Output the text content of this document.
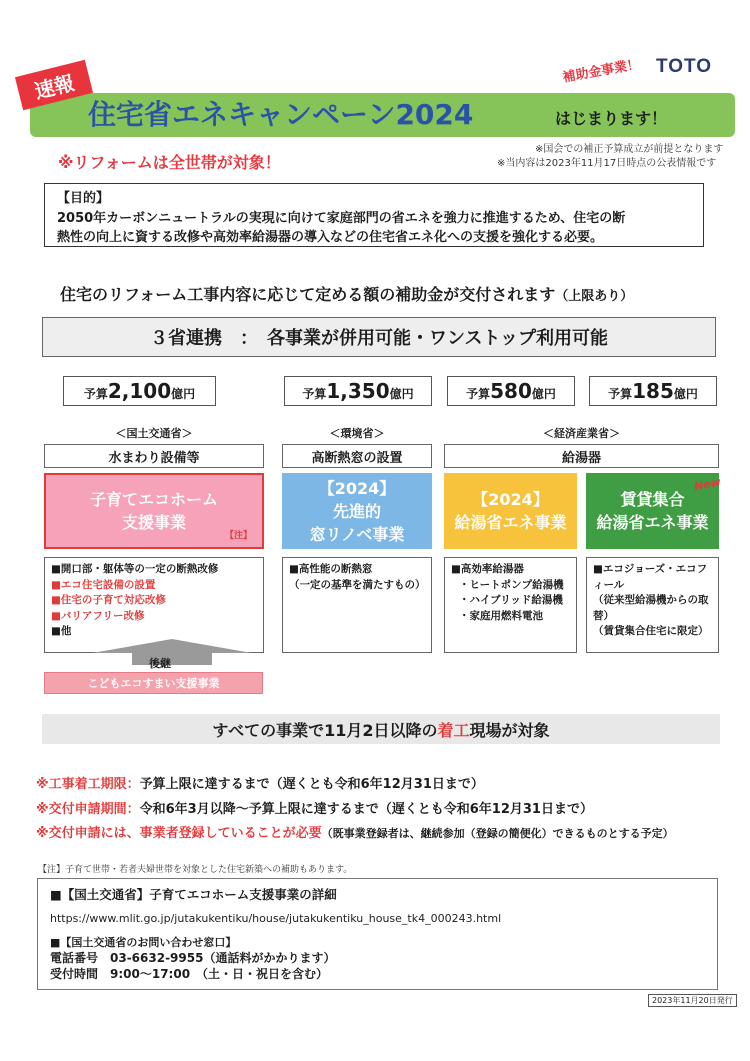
TOTO
補助金事業！
速報
住宅省エネキャンペーン2024	はじまります！
※国会での補正予算成立が前提となります
※当内容は2023年11月17日時点の公表情報です
※リフォームは全世帯が対象！
【目的】
2050年カーボンニュートラルの実現に向けて家庭部門の省エネを強力に推進するため、住宅の断
熱性の向上に資する改修や高効率給湯器の導入などの住宅省エネ化への支援を強化する必要。
住宅のリフォーム工事内容に応じて定める額の補助金が交付されます（上限あり）
３省連携　：　各事業が併用可能・ワンストップ利用可能
予算 2,100 億円	予算 1,350 億円	予算 580 億円	予算 185 億円
＜国土交通省＞	＜環境省＞	＜経済産業省＞
水まわり設備等	高断熱窓の設置	給湯器
子育てエコホーム
支援事業
【注】
【2024】
先進的
窓リノベ事業
【2024】
給湯省エネ事業
賃貸集合
給湯省エネ事業
New
■開口部・躯体等の一定の断熱改修
■エコ住宅設備の設置
■住宅の子育て対応改修
■バリアフリー改修
■他
■高性能の断熱窓
（一定の基準を満たすもの）
■高効率給湯器
・ヒートポンプ給湯機
・ハイブリッド給湯機
・家庭用燃料電池
■エコジョーズ・エコフィール
（従来型給湯機からの取替）
（賃貸集合住宅に限定）
後継
こどもエコすまい支援事業
すべての事業で11月2日以降の 着 工 現場が対象
※工事着工期限：予算上限に達するまで（遅くとも令和6年12月31日まで）
※交付申請期間：令和6年3月以降～予算上限に達するまで（遅くとも令和6年12月31日まで）
※交付申請には、事業者登録していることが必要（既事業登録者は、継続参加（登録の簡便化）できるものとする予定）
【注】子育て世帯・若者夫婦世帯を対象とした住宅新築への補助もあります。
■【国土交通省】子育てエコホーム支援事業の詳細
https://www.mlit.go.jp/jutakukentiku/house/jutakukentiku_house_tk4_000243.html
■【国土交通省のお問い合わせ窓口】
電話番号　03-6632-9955（通話料がかかります）
受付時間　9:00～17:00　（土・日・祝日を含む）
2023年11月20日発行
